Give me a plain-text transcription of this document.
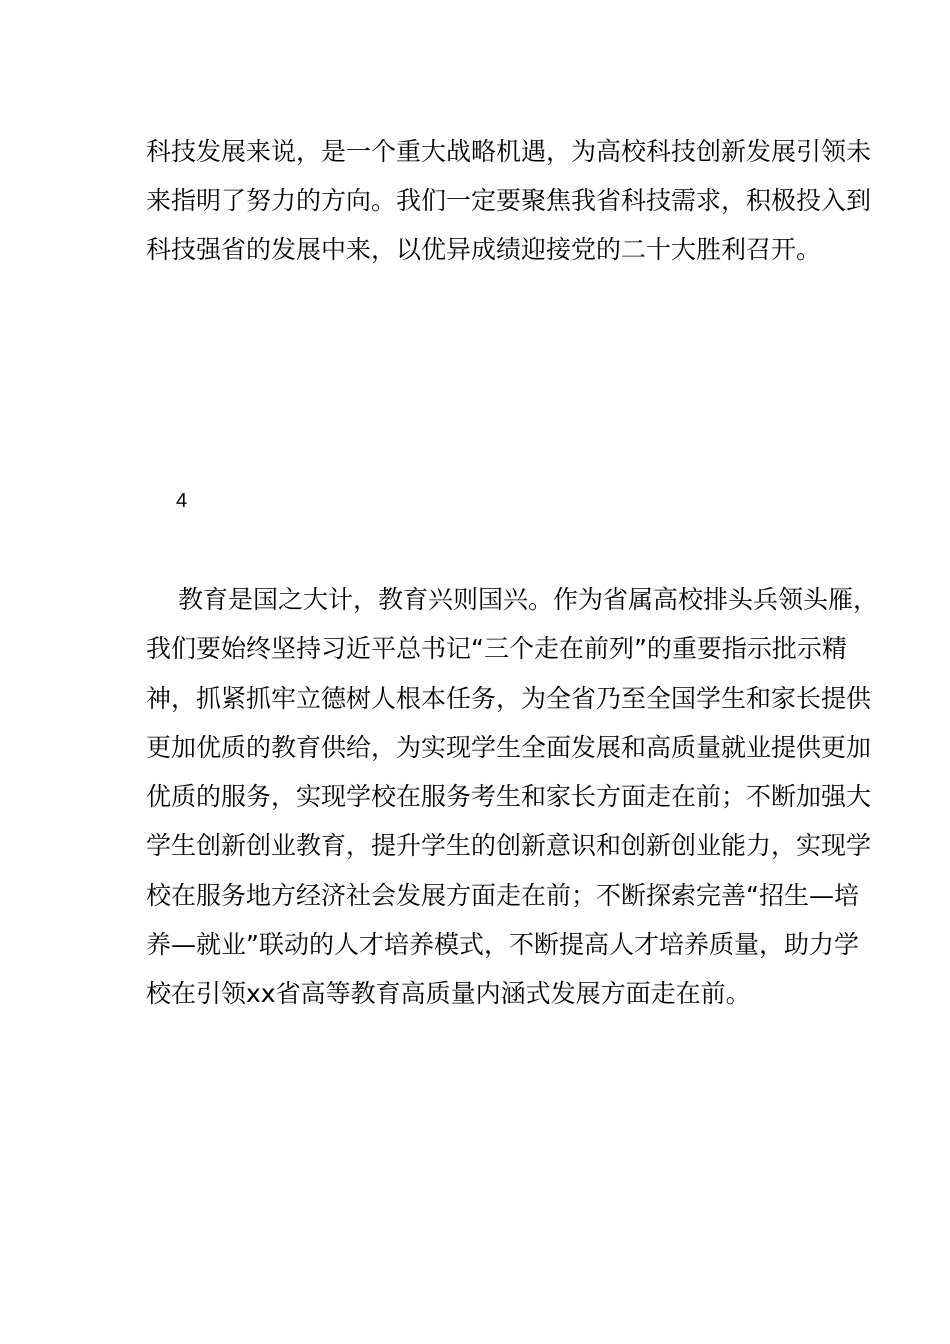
科技发展来说，是一个重大战略机遇，为高校科技创新发展引领未
来指明了努力的方向。我们一定要聚焦我省科技需求，积极投入到
科技强省的发展中来，以优异成绩迎接党的二十大胜利召开。
4
教育是国之大计，教育兴则国兴。作为省属高校排头兵领头雁，
我们要始终坚持习近平总书记“三个走在前列”的重要指示批示精
神，抓紧抓牢立德树人根本任务，为全省乃至全国学生和家长提供
更加优质的教育供给，为实现学生全面发展和高质量就业提供更加
优质的服务，实现学校在服务考生和家长方面走在前；不断加强大
学生创新创业教育，提升学生的创新意识和创新创业能力，实现学
校在服务地方经济社会发展方面走在前；不断探索完善“招生—培
养—就业”联动的人才培养模式，不断提高人才培养质量，助力学
校在引领xx省高等教育高质量内涵式发展方面走在前。
